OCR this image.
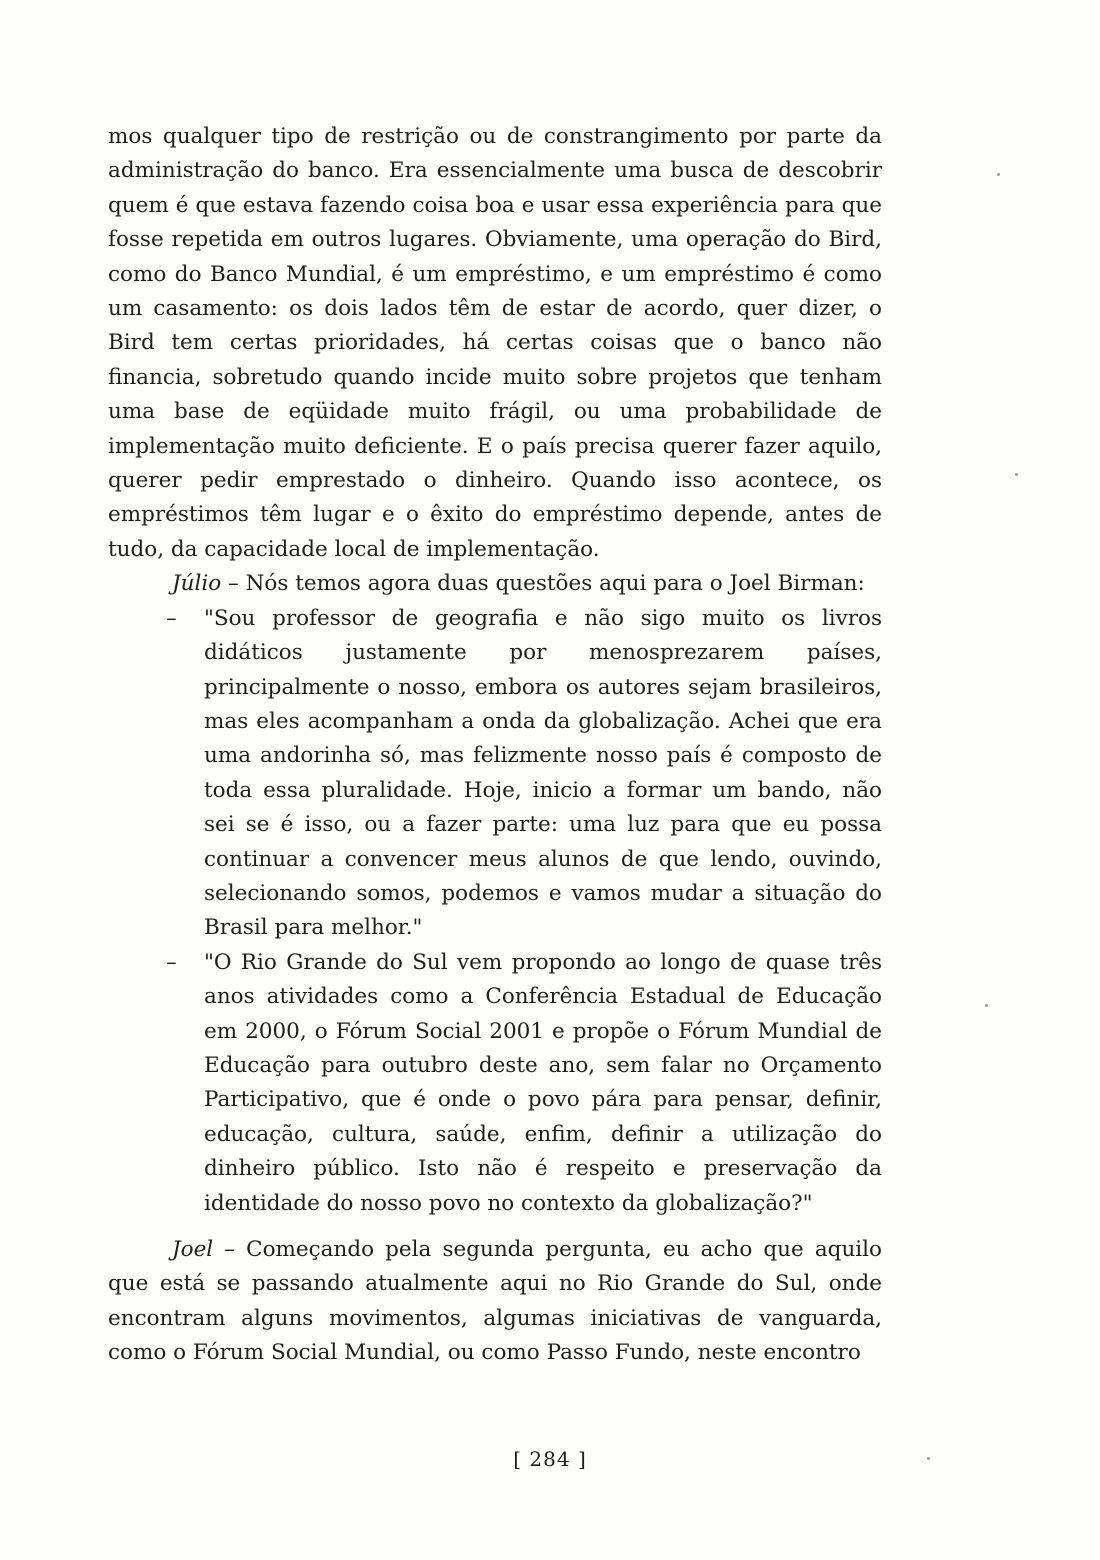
mos qualquer tipo de restrição ou de constrangimento por parte da administração do banco. Era essencialmente uma busca de descobrir quem é que estava fazendo coisa boa e usar essa experiência para que fosse repetida em outros lugares. Obviamente, uma operação do Bird, como do Banco Mundial, é um empréstimo, e um empréstimo é como um casamento: os dois lados têm de estar de acordo, quer dizer, o Bird tem certas prioridades, há certas coisas que o banco não financia, sobretudo quando incide muito sobre projetos que tenham uma base de eqüidade muito frágil, ou uma probabilidade de implementação muito deficiente. E o país precisa querer fazer aquilo, querer pedir emprestado o dinheiro. Quando isso acontece, os empréstimos têm lugar e o êxito do empréstimo depende, antes de tudo, da capacidade local de implementação.

Júlio – Nós temos agora duas questões aqui para o Joel Birman:

– "Sou professor de geografia e não sigo muito os livros didáticos justamente por menosprezarem países, principalmente o nosso, embora os autores sejam brasileiros, mas eles acompanham a onda da globalização. Achei que era uma andorinha só, mas felizmente nosso país é composto de toda essa pluralidade. Hoje, inicio a formar um bando, não sei se é isso, ou a fazer parte: uma luz para que eu possa continuar a convencer meus alunos de que lendo, ouvindo, selecionando somos, podemos e vamos mudar a situação do Brasil para melhor."
– "O Rio Grande do Sul vem propondo ao longo de quase três anos atividades como a Conferência Estadual de Educação em 2000, o Fórum Social 2001 e propõe o Fórum Mundial de Educação para outubro deste ano, sem falar no Orçamento Participativo, que é onde o povo pára para pensar, definir, educação, cultura, saúde, enfim, definir a utilização do dinheiro público. Isto não é respeito e preservação da identidade do nosso povo no contexto da globalização?"

Joel – Começando pela segunda pergunta, eu acho que aquilo que está se passando atualmente aqui no Rio Grande do Sul, onde encontram alguns movimentos, algumas iniciativas de vanguarda, como o Fórum Social Mundial, ou como Passo Fundo, neste encontro

[ 284 ]
